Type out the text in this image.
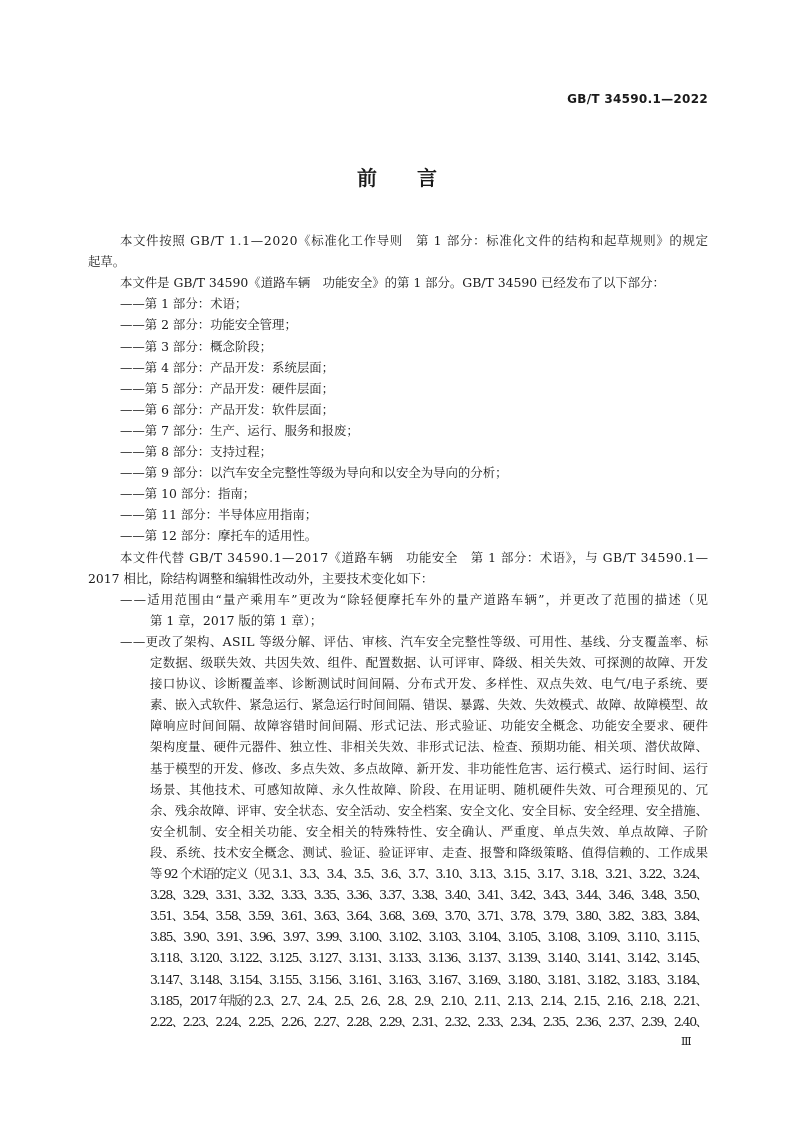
GB/T 34590.1—2022
前　　言
本文件按照 GB/T 1.1—2020《标准化工作导则　第 1 部分：标准化文件的结构和起草规则》的规定
起草。
本文件是 GB/T 34590《道路车辆　功能安全》的第 1 部分。GB/T 34590 已经发布了以下部分：
——第 1 部分：术语；
——第 2 部分：功能安全管理；
——第 3 部分：概念阶段；
——第 4 部分：产品开发：系统层面；
——第 5 部分：产品开发：硬件层面；
——第 6 部分：产品开发：软件层面；
——第 7 部分：生产、运行、服务和报废；
——第 8 部分：支持过程；
——第 9 部分：以汽车安全完整性等级为导向和以安全为导向的分析；
——第 10 部分：指南；
——第 11 部分：半导体应用指南；
——第 12 部分：摩托车的适用性。
本文件代替 GB/T 34590.1—2017《道路车辆　功能安全　第 1 部分：术语》，与 GB/T 34590.1—
2017 相比，除结构调整和编辑性改动外，主要技术变化如下：
——适用范围由“量产乘用车”更改为“除轻便摩托车外的量产道路车辆”，并更改了范围的描述（见
第 1 章，2017 版的第 1 章）；
——更改了架构、ASIL 等级分解、评估、审核、汽车安全完整性等级、可用性、基线、分支覆盖率、标
定数据、级联失效、共因失效、组件、配置数据、认可评审、降级、相关失效、可探测的故障、开发
接口协议、诊断覆盖率、诊断测试时间间隔、分布式开发、多样性、双点失效、电气/电子系统、要
素、嵌入式软件、紧急运行、紧急运行时间间隔、错误、暴露、失效、失效模式、故障、故障模型、故
障响应时间间隔、故障容错时间间隔、形式记法、形式验证、功能安全概念、功能安全要求、硬件
架构度量、硬件元器件、独立性、非相关失效、非形式记法、检查、预期功能、相关项、潜伏故障、
基于模型的开发、修改、多点失效、多点故障、新开发、非功能性危害、运行模式、运行时间、运行
场景、其他技术、可感知故障、永久性故障、阶段、在用证明、随机硬件失效、可合理预见的、冗
余、残余故障、评审、安全状态、安全活动、安全档案、安全文化、安全目标、安全经理、安全措施、
安全机制、安全相关功能、安全相关的特殊特性、安全确认、严重度、单点失效、单点故障、子阶
段、系统、技术安全概念、测试、验证、验证评审、走查、报警和降级策略、值得信赖的、工作成果
等 92 个术语的定义（见 3.1、3.3、3.4、3.5、3.6、3.7、3.10、3.13、3.15、3.17、3.18、3.21、3.22、3.24、
3.28、3.29、3.31、3.32、3.33、3.35、3.36、3.37、3.38、3.40、3.41、3.42、3.43、3.44、3.46、3.48、3.50、
3.51、3.54、3.58、3.59、3.61、3.63、3.64、3.68、3.69、3.70、3.71、3.78、3.79、3.80、3.82、3.83、3.84、
3.85、3.90、3.91、3.96、3.97、3.99、3.100、3.102、3.103、3.104、3.105、3.108、3.109、3.110、3.115、
3.118、3.120、3.122、3.125、3.127、3.131、3.133、3.136、3.137、3.139、3.140、3.141、3.142、3.145、
3.147、3.148、3.154、3.155、3.156、3.161、3.163、3.167、3.169、3.180、3.181、3.182、3.183、3.184、
3.185，2017 年版的 2.3、2.7、2.4、2.5、2.6、2.8、2.9、2.10、2.11、2.13、2.14、2.15、2.16、2.18、2.21、
2.22、2.23、2.24、2.25、2.26、2.27、2.28、2.29、2.31、2.32、2.33、2.34、2.35、2.36、2.37、2.39、2.40、
Ⅲ
